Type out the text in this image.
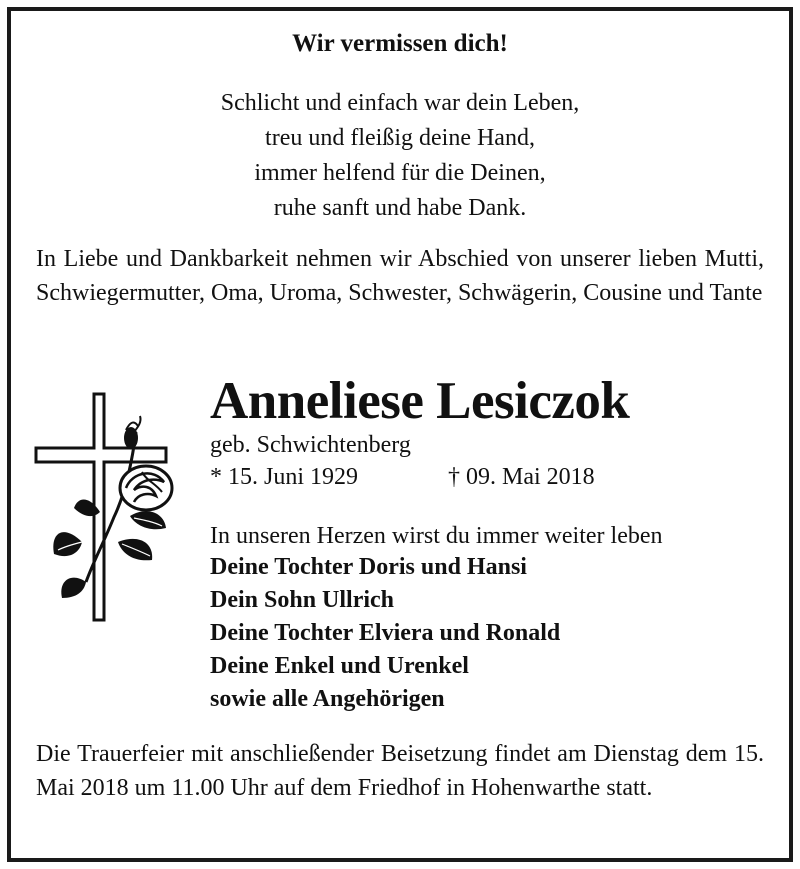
Wir vermissen dich!
Schlicht und einfach war dein Leben,
treu und fleißig deine Hand,
immer helfend für die Deinen,
ruhe sanft und habe Dank.
In Liebe und Dankbarkeit nehmen wir Abschied von unserer lieben Mutti, Schwiegermutter, Oma, Uroma, Schwester, Schwägerin, Cousine und Tante
Anneliese Lesiczok
geb. Schwichtenberg
* 15. Juni 1929	† 09. Mai 2018
In unseren Herzen wirst du immer weiter leben
Deine Tochter Doris und Hansi
Dein Sohn Ullrich
Deine Tochter Elviera und Ronald
Deine Enkel und Urenkel
sowie alle Angehörigen
Die Trauerfeier mit anschließender Beisetzung findet am Dienstag dem 15. Mai 2018 um 11.00 Uhr auf dem Friedhof in Hohenwarthe statt.
